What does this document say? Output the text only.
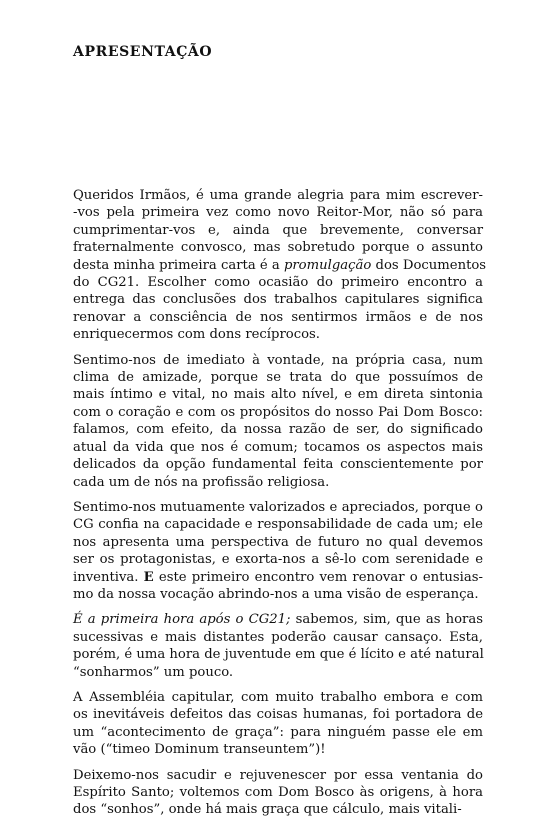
APRESENTAÇÃO
Queridos Irmãos, é uma grande alegria para mim escrever-
-vos pela primeira vez como novo Reitor-Mor, não só para
cumprimentar-vos e, ainda que brevemente, conversar
fraternalmente convosco, mas sobretudo porque o assunto
desta minha primeira carta é a promulgação dos Documentos
do CG21. Escolher como ocasião do primeiro encontro a
entrega das conclusões dos trabalhos capitulares significa
renovar a consciência de nos sentirmos irmãos e de nos
enriquecermos com dons recíprocos.
Sentimo-nos de imediato à vontade, na própria casa, num
clima de amizade, porque se trata do que possuímos de
mais íntimo e vital, no mais alto nível, e em direta sintonia
com o coração e com os propósitos do nosso Pai Dom Bosco:
falamos, com efeito, da nossa razão de ser, do significado
atual da vida que nos é comum; tocamos os aspectos mais
delicados da opção fundamental feita conscientemente por
cada um de nós na profissão religiosa.
Sentimo-nos mutuamente valorizados e apreciados, porque o
CG confia na capacidade e responsabilidade de cada um; ele
nos apresenta uma perspectiva de futuro no qual devemos
ser os protagonistas, e exorta-nos a sê-lo com serenidade e
inventiva. E este primeiro encontro vem renovar o entusias-
mo da nossa vocação abrindo-nos a uma visão de esperança.
É a primeira hora após o CG21; sabemos, sim, que as horas
sucessivas e mais distantes poderão causar cansaço. Esta,
porém, é uma hora de juventude em que é lícito e até natural
“sonharmos” um pouco.
A Assembléia capitular, com muito trabalho embora e com
os inevitáveis defeitos das coisas humanas, foi portadora de
um “acontecimento de graça”: para ninguém passe ele em
vão (“timeo Dominum transeuntem”)!
Deixemo-nos sacudir e rejuvenescer por essa ventania do
Espírito Santo; voltemos com Dom Bosco às origens, à hora
dos “sonhos”, onde há mais graça que cálculo, mais vitali-
